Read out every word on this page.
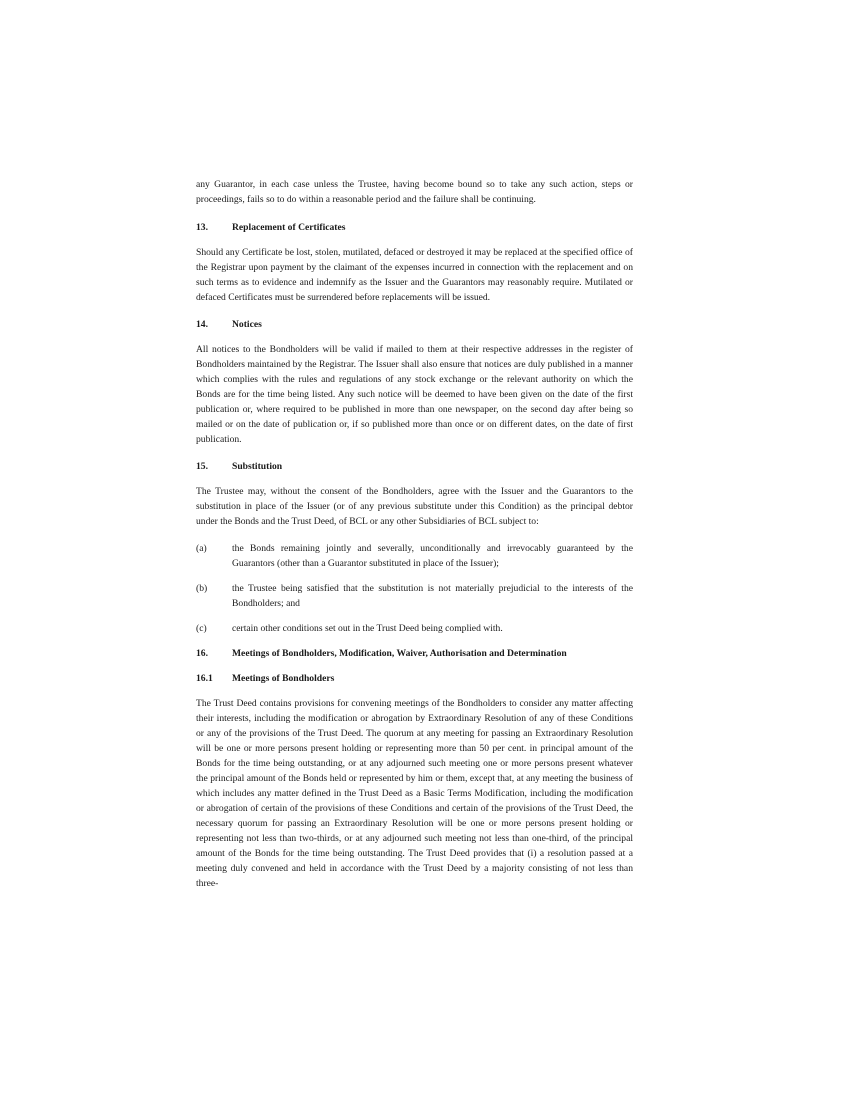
any Guarantor, in each case unless the Trustee, having become bound so to take any such action, steps or proceedings, fails so to do within a reasonable period and the failure shall be continuing.

13.	Replacement of Certificates

Should any Certificate be lost, stolen, mutilated, defaced or destroyed it may be replaced at the specified office of the Registrar upon payment by the claimant of the expenses incurred in connection with the replacement and on such terms as to evidence and indemnify as the Issuer and the Guarantors may reasonably require. Mutilated or defaced Certificates must be surrendered before replacements will be issued.

14.	Notices

All notices to the Bondholders will be valid if mailed to them at their respective addresses in the register of Bondholders maintained by the Registrar. The Issuer shall also ensure that notices are duly published in a manner which complies with the rules and regulations of any stock exchange or the relevant authority on which the Bonds are for the time being listed. Any such notice will be deemed to have been given on the date of the first publication or, where required to be published in more than one newspaper, on the second day after being so mailed or on the date of publication or, if so published more than once or on different dates, on the date of first publication.

15.	Substitution

The Trustee may, without the consent of the Bondholders, agree with the Issuer and the Guarantors to the substitution in place of the Issuer (or of any previous substitute under this Condition) as the principal debtor under the Bonds and the Trust Deed, of BCL or any other Subsidiaries of BCL subject to:

(a)	the Bonds remaining jointly and severally, unconditionally and irrevocably guaranteed by the Guarantors (other than a Guarantor substituted in place of the Issuer);

(b)	the Trustee being satisfied that the substitution is not materially prejudicial to the interests of the Bondholders; and

(c)	certain other conditions set out in the Trust Deed being complied with.

16.	Meetings of Bondholders, Modification, Waiver, Authorisation and Determination
16.1	Meetings of Bondholders

The Trust Deed contains provisions for convening meetings of the Bondholders to consider any matter affecting their interests, including the modification or abrogation by Extraordinary Resolution of any of these Conditions or any of the provisions of the Trust Deed. The quorum at any meeting for passing an Extraordinary Resolution will be one or more persons present holding or representing more than 50 per cent. in principal amount of the Bonds for the time being outstanding, or at any adjourned such meeting one or more persons present whatever the principal amount of the Bonds held or represented by him or them, except that, at any meeting the business of which includes any matter defined in the Trust Deed as a Basic Terms Modification, including the modification or abrogation of certain of the provisions of these Conditions and certain of the provisions of the Trust Deed, the necessary quorum for passing an Extraordinary Resolution will be one or more persons present holding or representing not less than two-thirds, or at any adjourned such meeting not less than one-third, of the principal amount of the Bonds for the time being outstanding. The Trust Deed provides that (i) a resolution passed at a meeting duly convened and held in accordance with the Trust Deed by a majority consisting of not less than three-
